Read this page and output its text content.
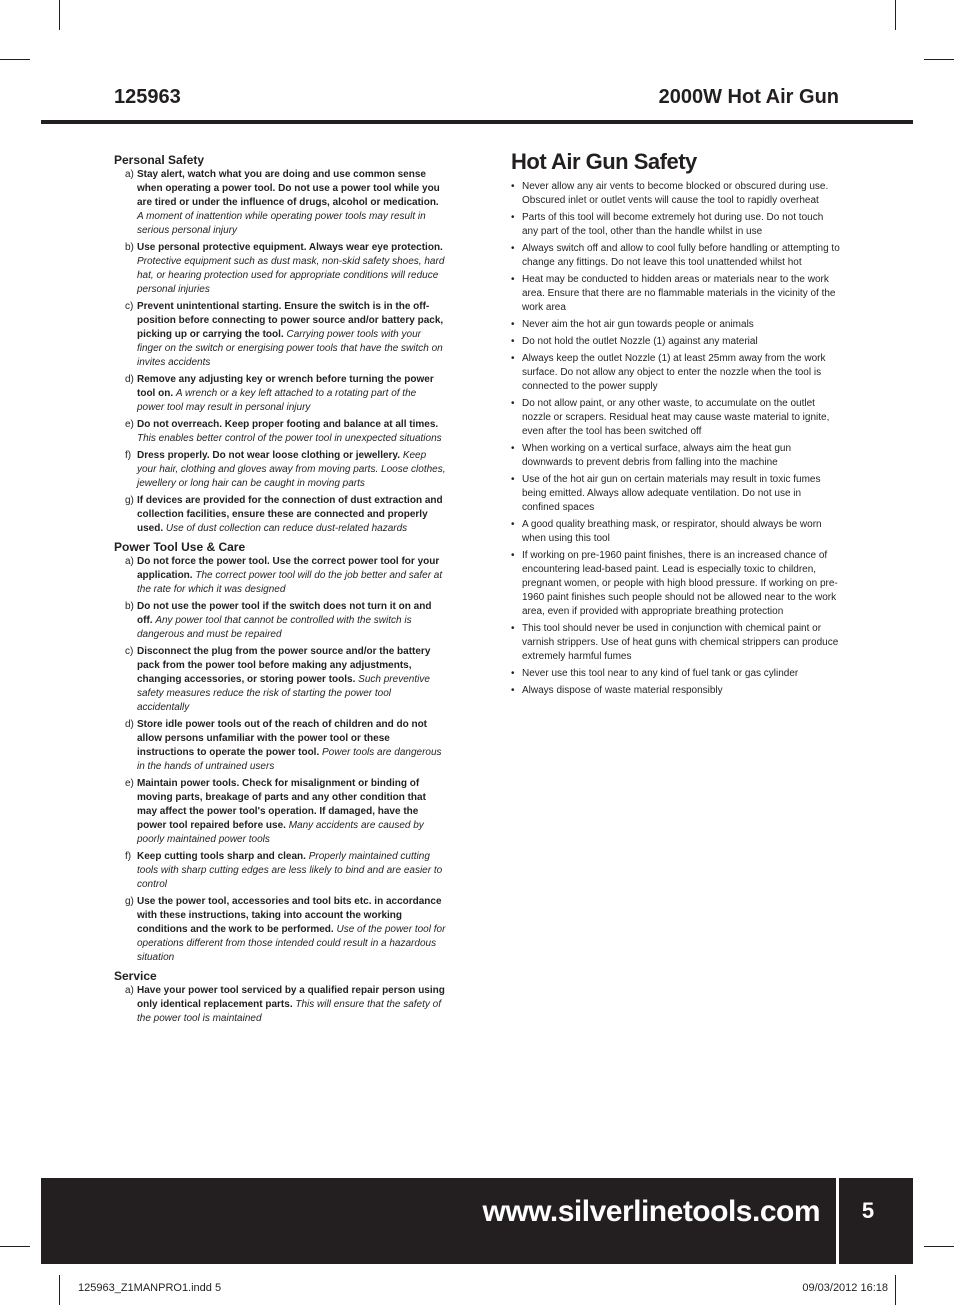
125963	2000W Hot Air Gun
Personal Safety
a) Stay alert, watch what you are doing and use common sense when operating a power tool. Do not use a power tool while you are tired or under the influence of drugs, alcohol or medication. A moment of inattention while operating power tools may result in serious personal injury
b) Use personal protective equipment. Always wear eye protection. Protective equipment such as dust mask, non-skid safety shoes, hard hat, or hearing protection used for appropriate conditions will reduce personal injuries
c) Prevent unintentional starting. Ensure the switch is in the off-position before connecting to power source and/or battery pack, picking up or carrying the tool. Carrying power tools with your finger on the switch or energising power tools that have the switch on invites accidents
d) Remove any adjusting key or wrench before turning the power tool on. A wrench or a key left attached to a rotating part of the power tool may result in personal injury
e) Do not overreach. Keep proper footing and balance at all times. This enables better control of the power tool in unexpected situations
f) Dress properly. Do not wear loose clothing or jewellery. Keep your hair, clothing and gloves away from moving parts. Loose clothes, jewellery or long hair can be caught in moving parts
g) If devices are provided for the connection of dust extraction and collection facilities, ensure these are connected and properly used. Use of dust collection can reduce dust-related hazards
Power Tool Use & Care
a) Do not force the power tool. Use the correct power tool for your application. The correct power tool will do the job better and safer at the rate for which it was designed
b) Do not use the power tool if the switch does not turn it on and off. Any power tool that cannot be controlled with the switch is dangerous and must be repaired
c) Disconnect the plug from the power source and/or the battery pack from the power tool before making any adjustments, changing accessories, or storing power tools. Such preventive safety measures reduce the risk of starting the power tool accidentally
d) Store idle power tools out of the reach of children and do not allow persons unfamiliar with the power tool or these instructions to operate the power tool. Power tools are dangerous in the hands of untrained users
e) Maintain power tools. Check for misalignment or binding of moving parts, breakage of parts and any other condition that may affect the power tool's operation. If damaged, have the power tool repaired before use. Many accidents are caused by poorly maintained power tools
f) Keep cutting tools sharp and clean. Properly maintained cutting tools with sharp cutting edges are less likely to bind and are easier to control
g) Use the power tool, accessories and tool bits etc. in accordance with these instructions, taking into account the working conditions and the work to be performed. Use of the power tool for operations different from those intended could result in a hazardous situation
Service
a) Have your power tool serviced by a qualified repair person using only identical replacement parts. This will ensure that the safety of the power tool is maintained
Hot Air Gun Safety
• Never allow any air vents to become blocked or obscured during use. Obscured inlet or outlet vents will cause the tool to rapidly overheat
• Parts of this tool will become extremely hot during use. Do not touch any part of the tool, other than the handle whilst in use
• Always switch off and allow to cool fully before handling or attempting to change any fittings. Do not leave this tool unattended whilst hot
• Heat may be conducted to hidden areas or materials near to the work area. Ensure that there are no flammable materials in the vicinity of the work area
• Never aim the hot air gun towards people or animals
• Do not hold the outlet Nozzle (1) against any material
• Always keep the outlet Nozzle (1) at least 25mm away from the work surface. Do not allow any object to enter the nozzle when the tool is connected to the power supply
• Do not allow paint, or any other waste, to accumulate on the outlet nozzle or scrapers. Residual heat may cause waste material to ignite, even after the tool has been switched off
• When working on a vertical surface, always aim the heat gun downwards to prevent debris from falling into the machine
• Use of the hot air gun on certain materials may result in toxic fumes being emitted. Always allow adequate ventilation. Do not use in confined spaces
• A good quality breathing mask, or respirator, should always be worn when using this tool
• If working on pre-1960 paint finishes, there is an increased chance of encountering lead-based paint. Lead is especially toxic to children, pregnant women, or people with high blood pressure. If working on pre-1960 paint finishes such people should not be allowed near to the work area, even if provided with appropriate breathing protection
• This tool should never be used in conjunction with chemical paint or varnish strippers. Use of heat guns with chemical strippers can produce extremely harmful fumes
• Never use this tool near to any kind of fuel tank or gas cylinder
• Always dispose of waste material responsibly
www.silverlinetools.com	5
125963_Z1MANPRO1.indd 5	09/03/2012 16:18
